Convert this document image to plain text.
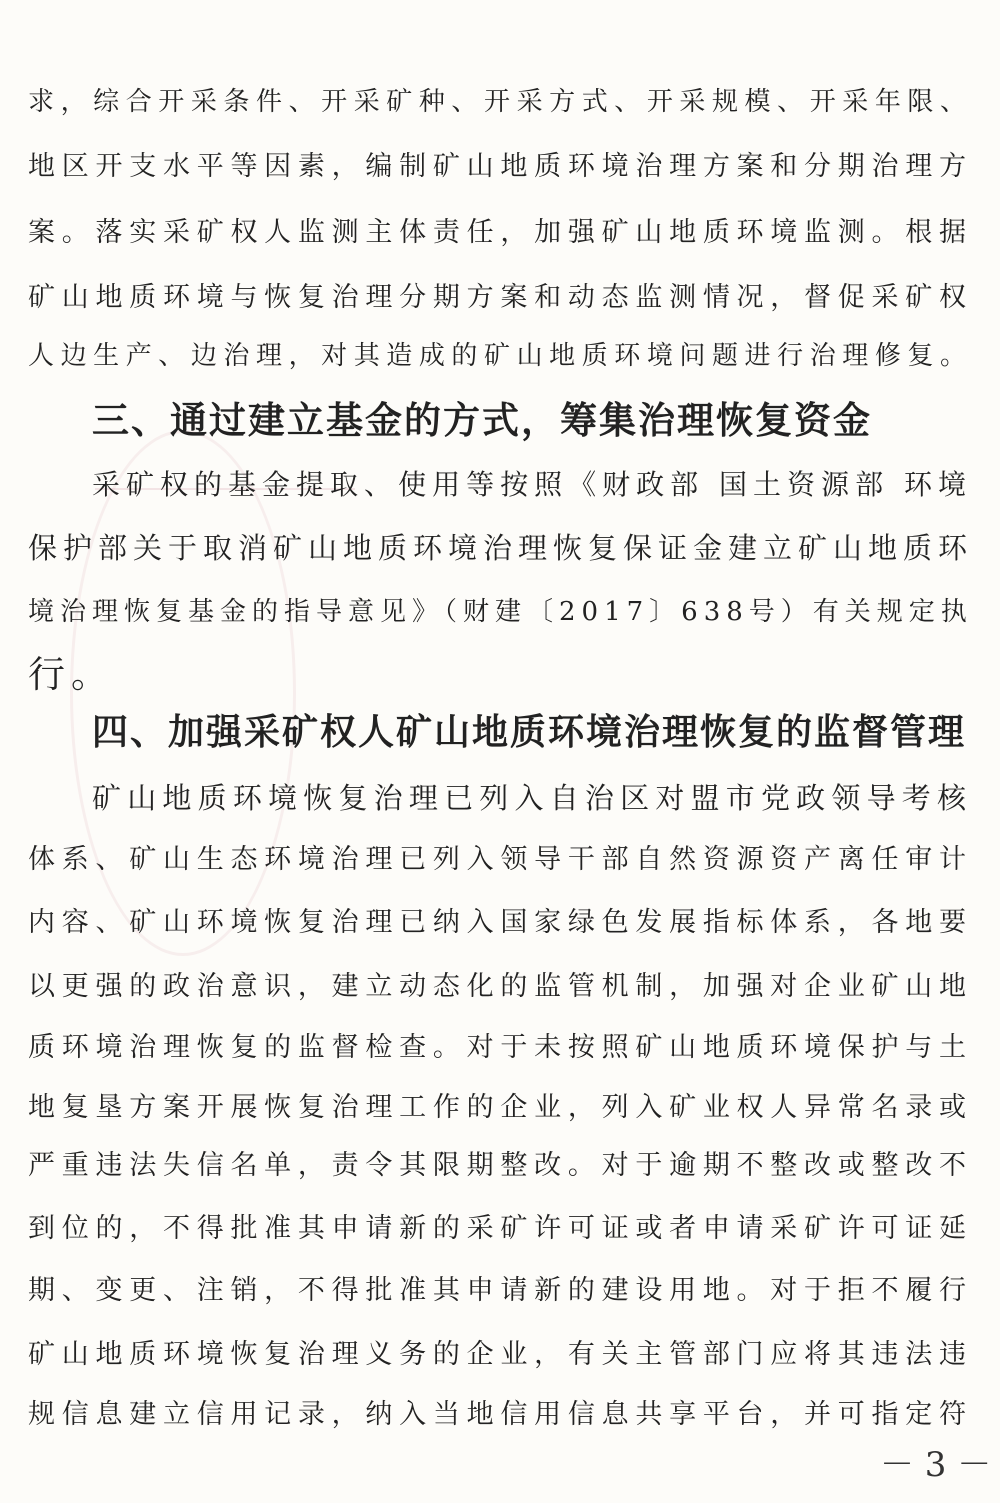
求，综合开采条件、开采矿种、开采方式、开采规模、开采年限、
地区开支水平等因素，编制矿山地质环境治理方案和分期治理方
案。落实采矿权人监测主体责任，加强矿山地质环境监测。根据
矿山地质环境与恢复治理分期方案和动态监测情况，督促采矿权
人边生产、边治理，对其造成的矿山地质环境问题进行治理修复。
三、通过建立基金的方式，筹集治理恢复资金
采矿权的基金提取、使用等按照《财政部 国土资源部 环境
保护部关于取消矿山地质环境治理恢复保证金建立矿山地质环
境治理恢复基金的指导意见》（财建〔2017〕638号）有关规定执
行。
四、加强采矿权人矿山地质环境治理恢复的监督管理
矿山地质环境恢复治理已列入自治区对盟市党政领导考核
体系、矿山生态环境治理已列入领导干部自然资源资产离任审计
内容、矿山环境恢复治理已纳入国家绿色发展指标体系，各地要
以更强的政治意识，建立动态化的监管机制，加强对企业矿山地
质环境治理恢复的监督检查。对于未按照矿山地质环境保护与土
地复垦方案开展恢复治理工作的企业，列入矿业权人异常名录或
严重违法失信名单，责令其限期整改。对于逾期不整改或整改不
到位的，不得批准其申请新的采矿许可证或者申请采矿许可证延
期、变更、注销，不得批准其申请新的建设用地。对于拒不履行
矿山地质环境恢复治理义务的企业，有关主管部门应将其违法违
规信息建立信用记录，纳入当地信用信息共享平台，并可指定符
－ 3 －
